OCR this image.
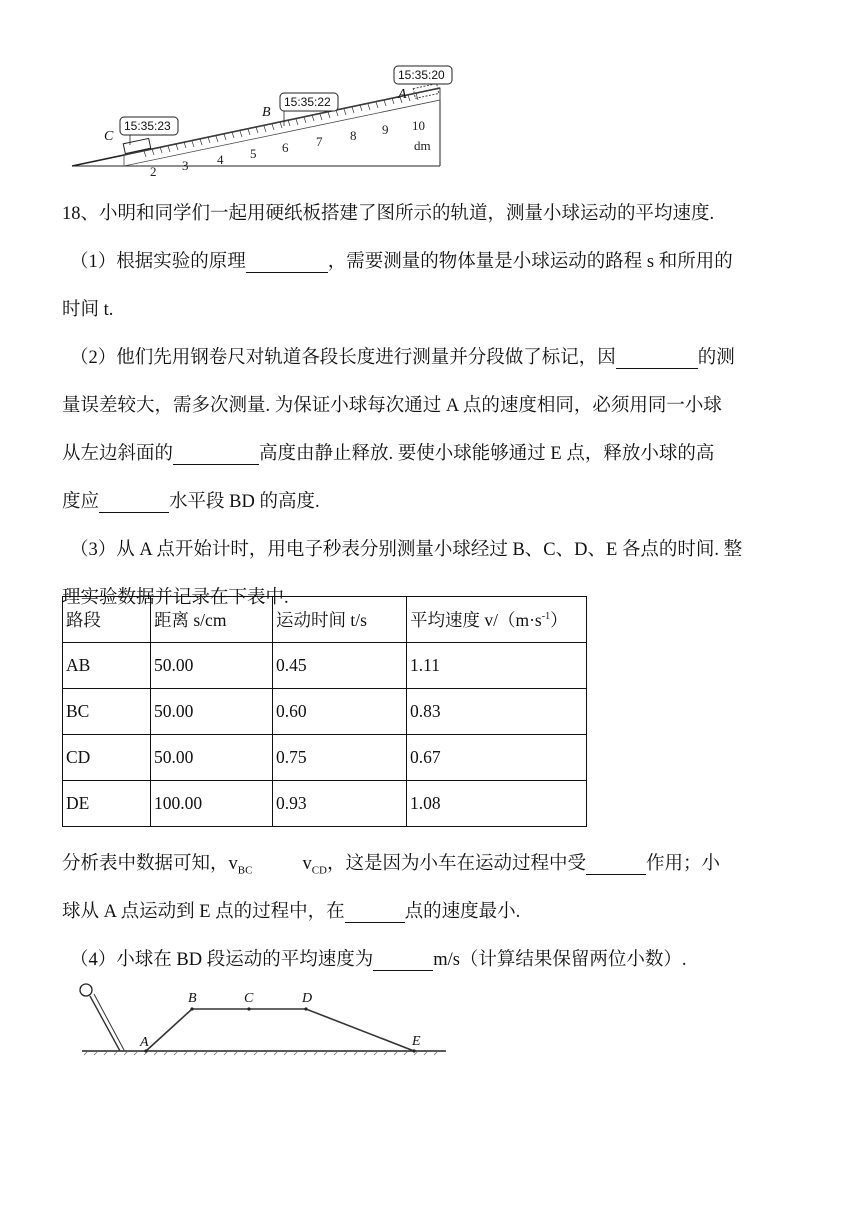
2 3 4 5 6 7 8 9 10
dm
15:35:23
15:35:22
15:35:20
C
B
A
18、小明和同学们一起用硬纸板搭建了图所示的轨道，测量小球运动的平均速度.
（1）根据实验的原理	，需要测量的物体量是小球运动的路程 s 和所用的
时间 t.
（2）他们先用钢卷尺对轨道各段长度进行测量并分段做了标记，因	的测
量误差较大，需多次测量. 为保证小球每次通过 A 点的速度相同，必须用同一小球
从左边斜面的	高度由静止释放. 要使小球能够通过 E 点，释放小球的高
度应	水平段 BD 的高度.
（3）从 A 点开始计时，用电子秒表分别测量小球经过 B、C、D、E 各点的时间. 整
理实验数据并记录在下表中.
路段	距离 s/cm	运动时间 t/s	平均速度 $v/(m\cdot s^{-1})$
AB	50.00	0.45	1.11
BC	50.00	0.60	0.83
CD	50.00	0.75	0.67
DE	100.00	0.93	1.08
分析表中数据可知，$v_{BC}$	$v_{CD}$，这是因为小车在运动过程中受	作用；小
球从 A 点运动到 E 点的过程中，在	点的速度最小.
（4）小球在 BD 段运动的平均速度为	m/s（计算结果保留两位小数）.
B	C	D
A	E
